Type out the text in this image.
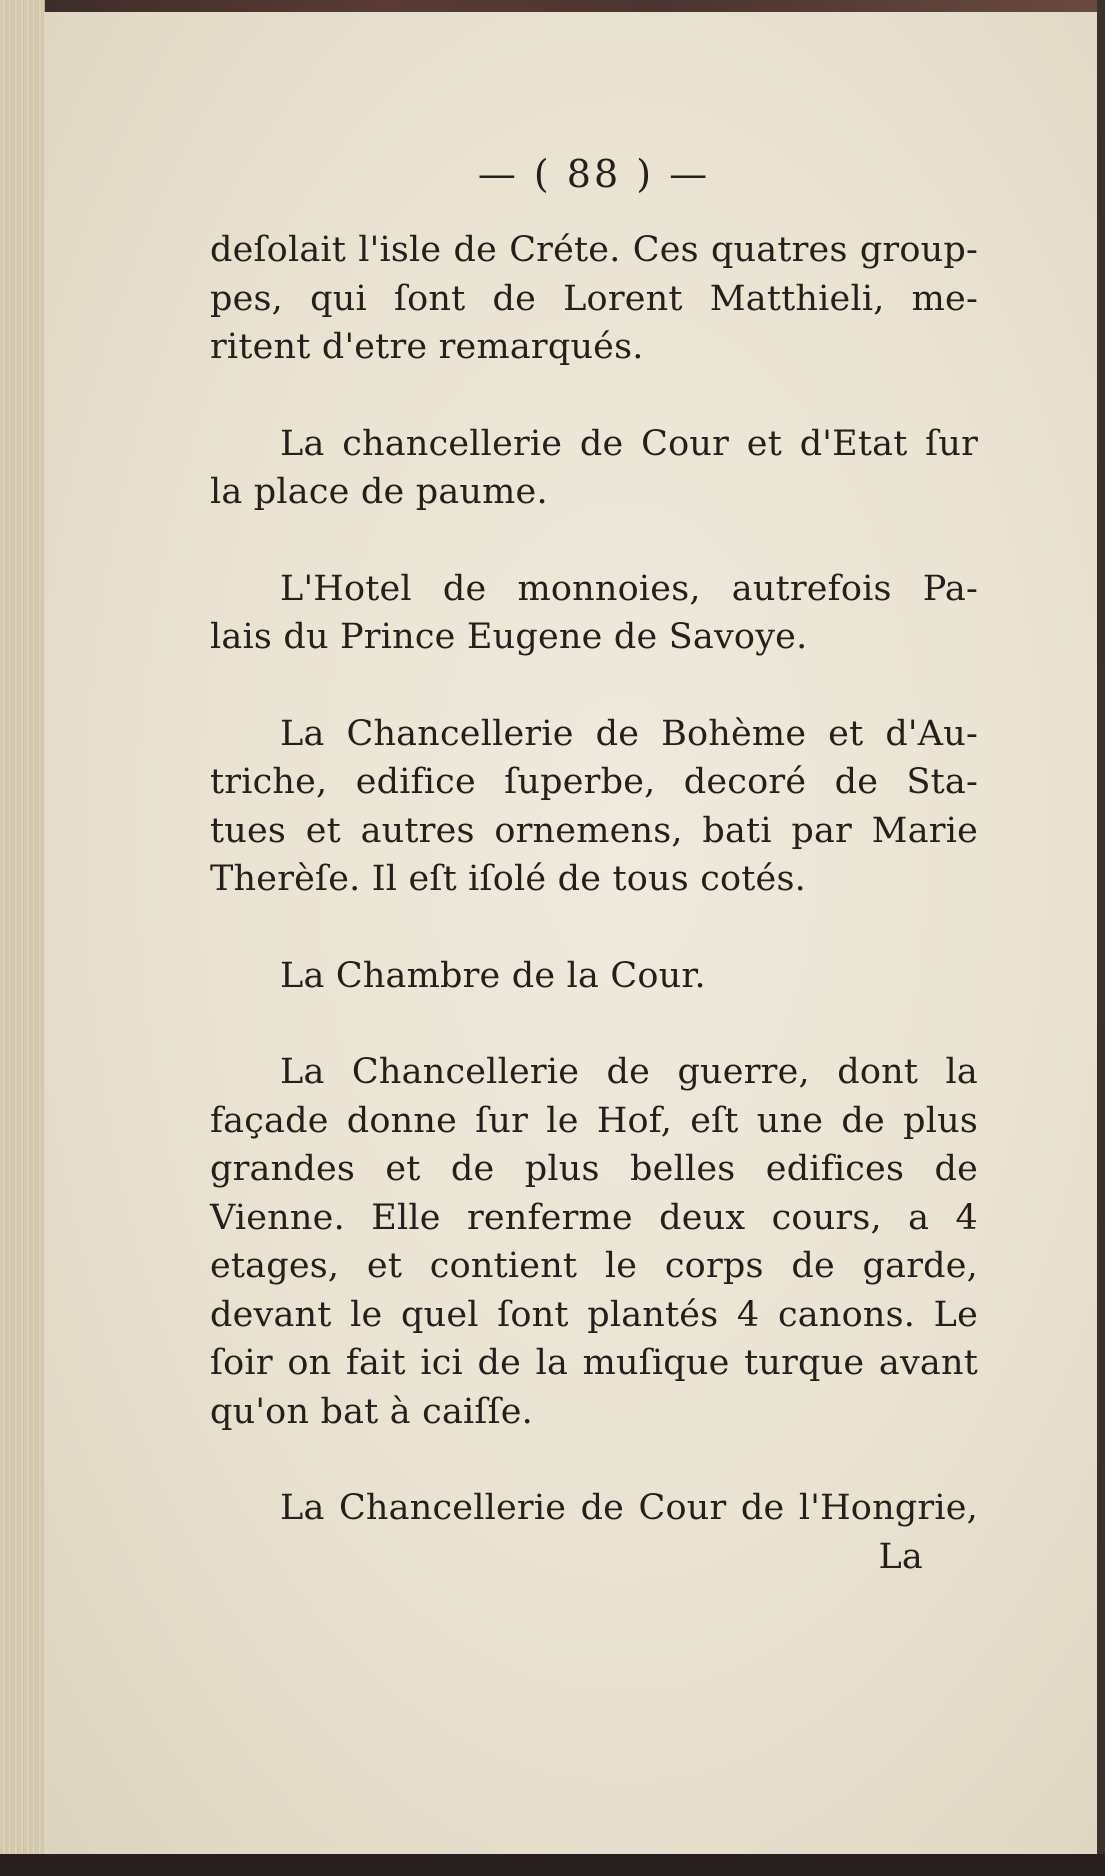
— ( 88 ) —
deſolait l'isle de Créte. Ces quatres group-
pes, qui ſont de Lorent Matthieli, me-
ritent d'etre remarqués.
La chancellerie de Cour et d'Etat ſur
la place de paume.
L'Hotel de monnoies, autrefois Pa-
lais du Prince Eugene de Savoye.
La Chancellerie de Bohème et d'Au-
triche, edifice ſuperbe, decoré de Sta-
tues et autres ornemens, bati par Marie
Therèſe. Il eſt iſolé de tous cotés.
La Chambre de la Cour.
La Chancellerie de guerre, dont la
façade donne ſur le Hof, eſt une de plus
grandes et de plus belles edifices de
Vienne. Elle renferme deux cours, a 4
etages, et contient le corps de garde,
devant le quel ſont plantés 4 canons. Le
ſoir on fait ici de la muſique turque avant
qu'on bat à caiſſe.
La Chancellerie de Cour de l'Hongrie,
La
